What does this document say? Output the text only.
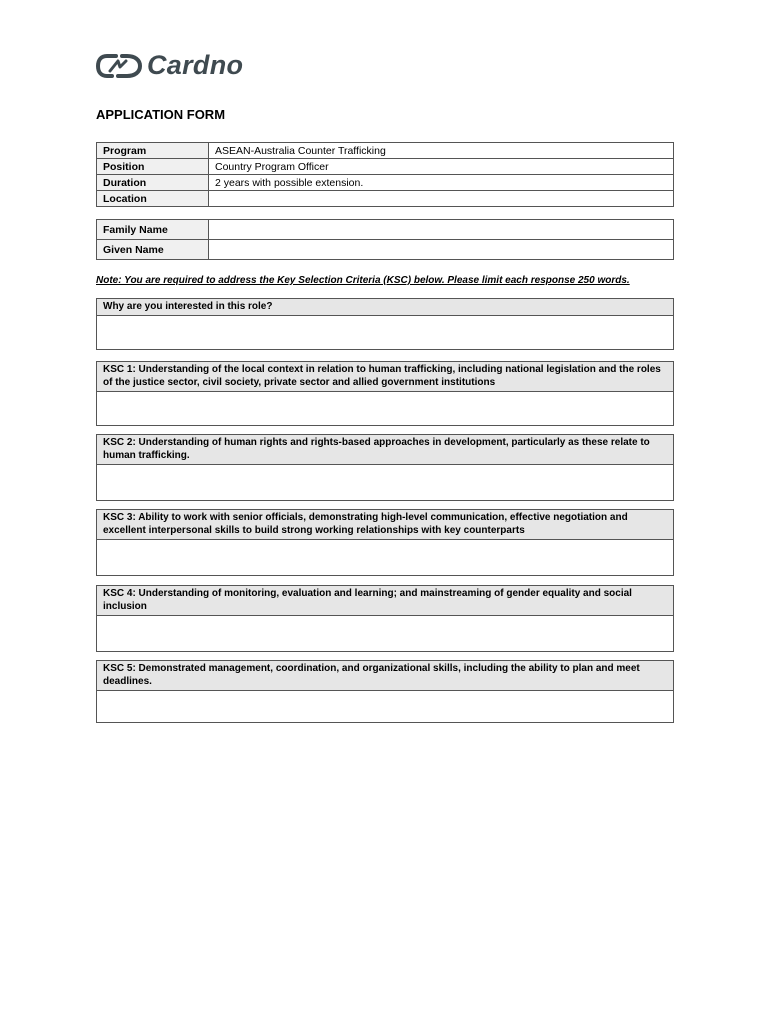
Cardno
APPLICATION FORM
Program	ASEAN-Australia Counter Trafficking
Position	Country Program Officer
Duration	2 years with possible extension.
Location	
Family Name	
Given Name	
Note: You are required to address the Key Selection Criteria (KSC) below. Please limit each response 250 words.
Why are you interested in this role?
KSC 1: Understanding of the local context in relation to human trafficking, including national legislation and the roles of the justice sector, civil society, private sector and allied government institutions
KSC 2: Understanding of human rights and rights-based approaches in development, particularly as these relate to human trafficking.
KSC 3: Ability to work with senior officials, demonstrating high-level communication, effective negotiation and excellent interpersonal skills to build strong working relationships with key counterparts
KSC 4: Understanding of monitoring, evaluation and learning; and mainstreaming of gender equality and social inclusion
KSC 5: Demonstrated management, coordination, and organizational skills, including the ability to plan and meet deadlines.
